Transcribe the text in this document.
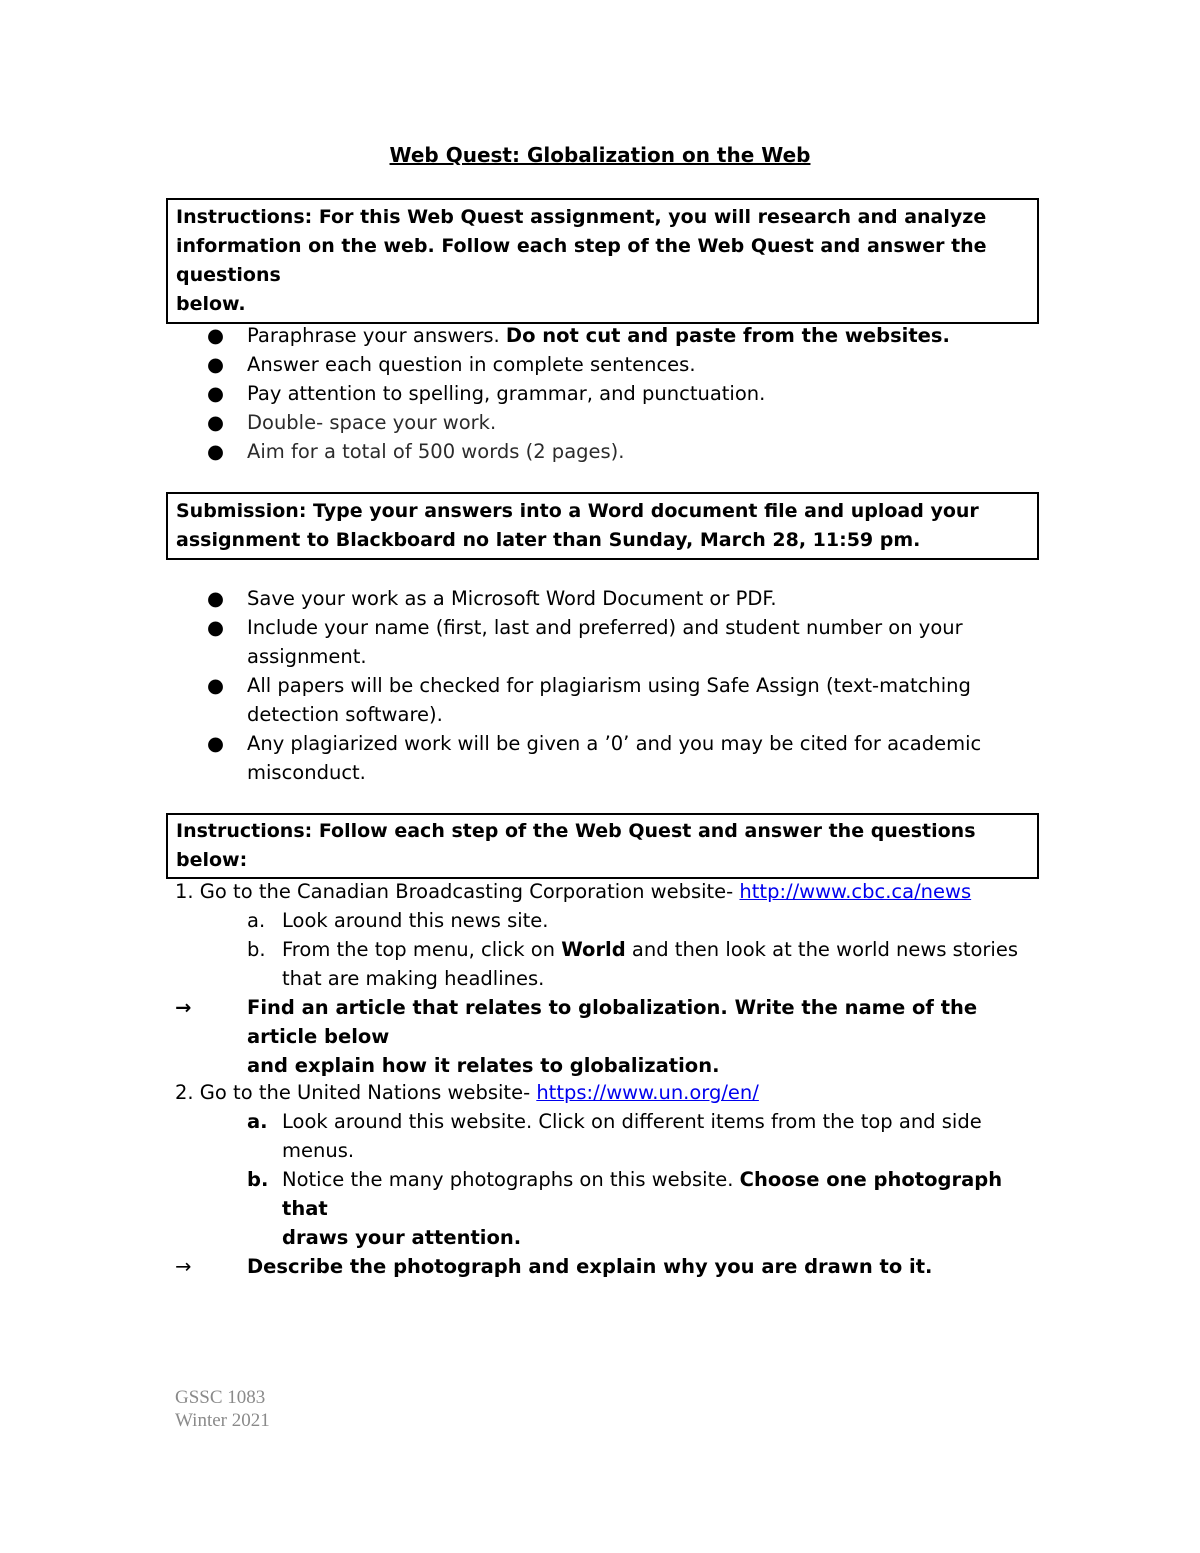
Web Quest: Globalization on the Web
Instructions: For this Web Quest assignment, you will research and analyze
information on the web. Follow each step of the Web Quest and answer the questions
below.
● Paraphrase your answers. Do not cut and paste from the websites.
● Answer each question in complete sentences.
● Pay attention to spelling, grammar, and punctuation.
● Double- space your work.
● Aim for a total of 500 words (2 pages).
Submission: Type your answers into a Word document file and upload your
assignment to Blackboard no later than Sunday, March 28, 11:59 pm.
● Save your work as a Microsoft Word Document or PDF.
● Include your name (first, last and preferred) and student number on your
assignment.
● All papers will be checked for plagiarism using Safe Assign (text-matching
detection software).
● Any plagiarized work will be given a ’0’ and you may be cited for academic
misconduct.
Instructions: Follow each step of the Web Quest and answer the questions below:
1. Go to the Canadian Broadcasting Corporation website- http://www.cbc.ca/news
a. Look around this news site.
b. From the top menu, click on World and then look at the world news stories
that are making headlines.
→	Find an article that relates to globalization. Write the name of the article below
and explain how it relates to globalization.
2. Go to the United Nations website- https://www.un.org/en/
a. Look around this website. Click on different items from the top and side
menus.
b. Notice the many photographs on this website. Choose one photograph that
draws your attention.
→	Describe the photograph and explain why you are drawn to it.
GSSC 1083
Winter 2021
